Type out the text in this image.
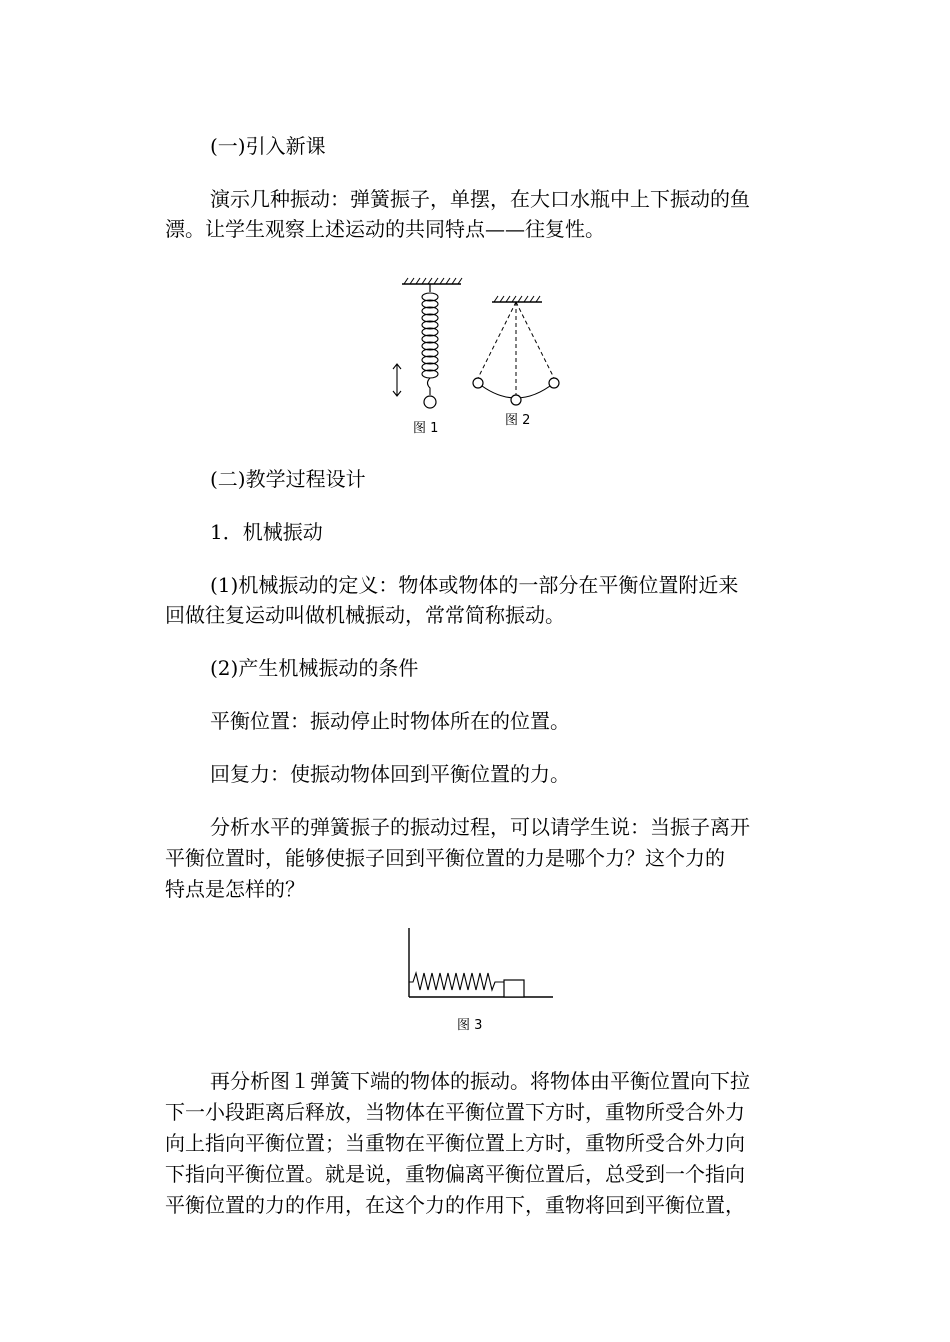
(一)引入新课

演示几种振动：弹簧振子，单摆，在大口水瓶中上下振动的鱼

漂。让学生观察上述运动的共同特点——往复性。

图 1

图 2

(二)教学过程设计

1．机械振动

(1)机械振动的定义：物体或物体的一部分在平衡位置附近来

回做往复运动叫做机械振动，常常简称振动。

(2)产生机械振动的条件

平衡位置：振动停止时物体所在的位置。

回复力：使振动物体回到平衡位置的力。

分析水平的弹簧振子的振动过程，可以请学生说：当振子离开

平衡位置时，能够使振子回到平衡位置的力是哪个力？这个力的

特点是怎样的？

图 3

再分析图１弹簧下端的物体的振动。将物体由平衡位置向下拉

下一小段距离后释放，当物体在平衡位置下方时，重物所受合外力

向上指向平衡位置；当重物在平衡位置上方时，重物所受合外力向

下指向平衡位置。就是说，重物偏离平衡位置后，总受到一个指向

平衡位置的力的作用，在这个力的作用下，重物将回到平衡位置，
